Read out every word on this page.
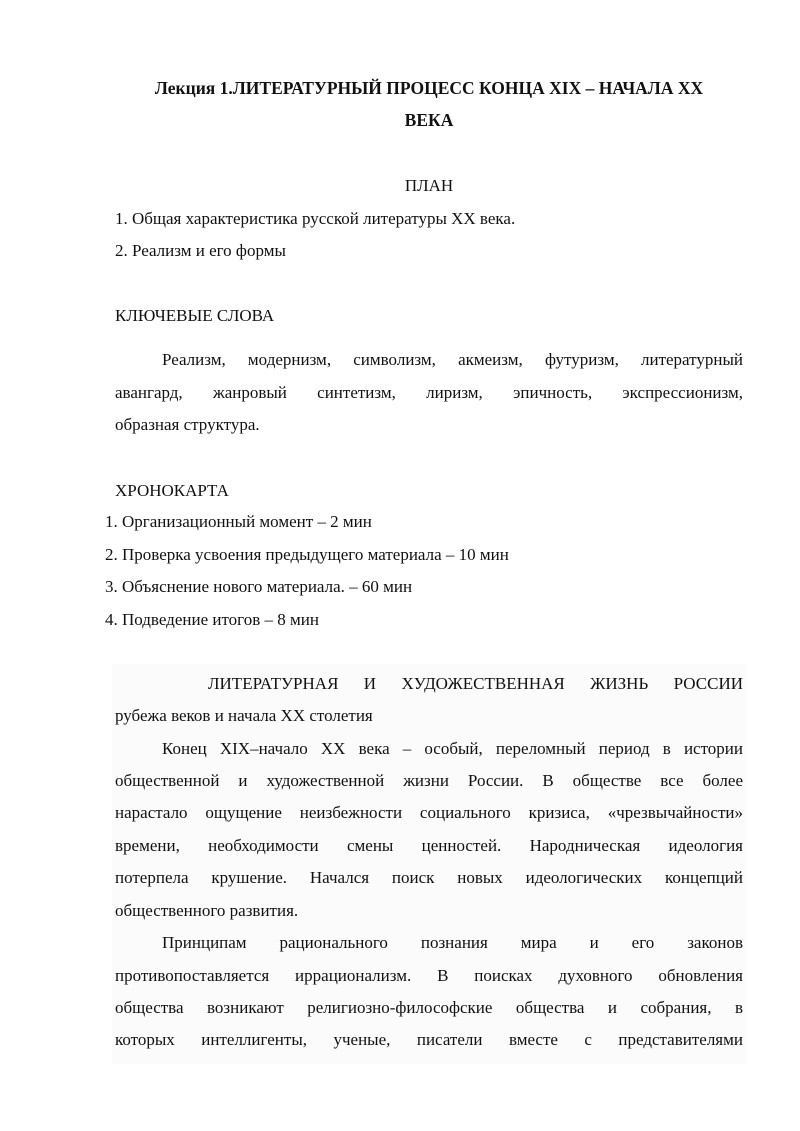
Лекция 1.ЛИТЕРАТУРНЫЙ ПРОЦЕСС КОНЦА XIX – НАЧАЛА XX
ВЕКА
ПЛАН
1. Общая характеристика русской литературы XX века.
2. Реализм и его формы
КЛЮЧЕВЫЕ СЛОВА
Реализм, модернизм, символизм, акмеизм, футуризм, литературный
авангард, жанровый синтетизм, лиризм, эпичность, экспрессионизм,
образная структура.
ХРОНОКАРТА
1. Организационный момент – 2 мин
2. Проверка усвоения предыдущего материала – 10 мин
3. Объяснение нового материала. – 60 мин
4. Подведение итогов – 8 мин
ЛИТЕРАТУРНАЯ И ХУДОЖЕСТВЕННАЯ ЖИЗНЬ РОССИИ
рубежа веков и начала XX столетия
Конец XIX–начало XX века – особый, переломный период в истории
общественной и художественной жизни России. В обществе все более
нарастало ощущение неизбежности социального кризиса, «чрезвычайности»
времени, необходимости смены ценностей. Народническая идеология
потерпела крушение. Начался поиск новых идеологических концепций
общественного развития.
Принципам рационального познания мира и его законов
противопоставляется иррационализм. В поисках духовного обновления
общества возникают религиозно-философские общества и собрания, в
которых интеллигенты, ученые, писатели вместе с представителями
